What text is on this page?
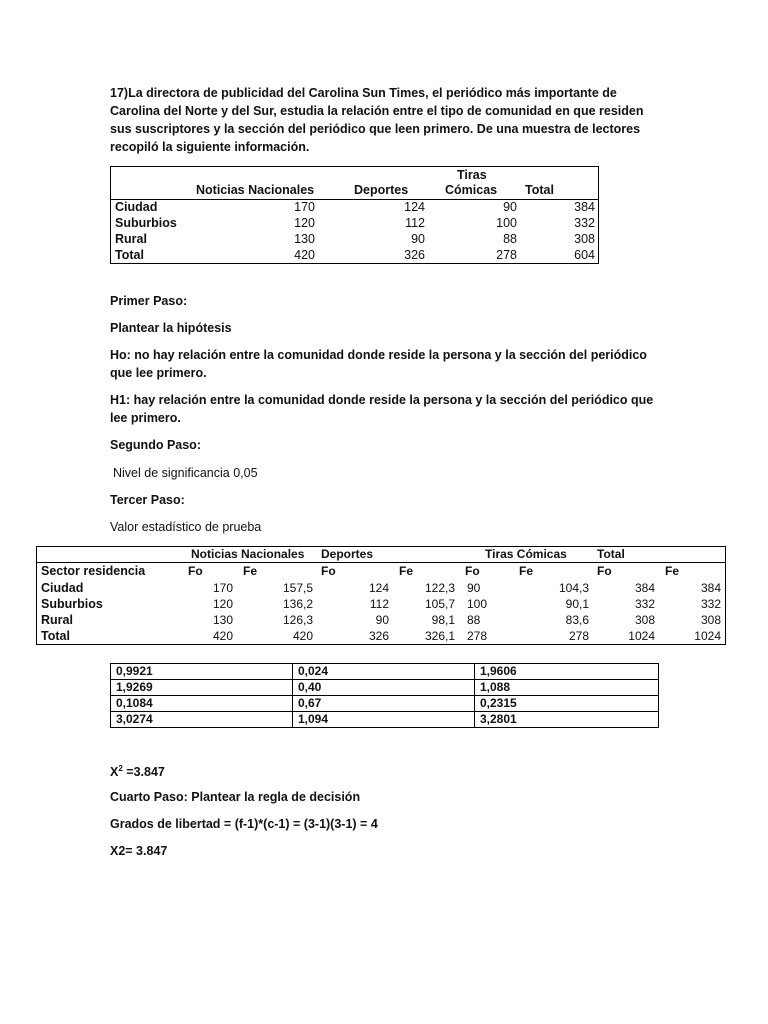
17)La directora de publicidad del Carolina Sun Times, el periódico más importante de Carolina del Norte y del Sur, estudia la relación entre el tipo de comunidad en que residen sus suscriptores y la sección del periódico que leen primero. De una muestra de lectores recopiló la siguiente información.

Tiras
Noticias Nacionales	Deportes	Cómicas Total
Ciudad	170	124	90	384
Suburbios	120	112	100	332
Rural	130	90	88	308
Total	420	326	278	604

Primer Paso:

Plantear la hipótesis

Ho: no hay relación entre la comunidad donde reside la persona y la sección del periódico que lee primero.

H1: hay relación entre la comunidad donde reside la persona y la sección del periódico que lee primero.

Segundo Paso:

Nivel de significancia 0,05

Tercer Paso:

Valor estadístico de prueba

Noticias Nacionales Deportes	Tiras Cómicas	Total
Sector residencia	Fo	Fe	Fo	Fe	Fo	Fe	Fo	Fe
Ciudad	170	157,5	124	122,3 90	104,3	384	384
Suburbios	120	136,2	112	105,7 100	90,1	332	332
Rural	130	126,3	90	98,1 88	83,6	308	308
Total	420	420	326	326,1 278	278	1024	1024
0,9921	0,024	1,9606
1,9269	0,40	1,088
0,1084	0,67	0,2315
3,0274	1,094	3,2801

$X^2 =3.847$

Cuarto Paso: Plantear la regla de decisión

Grados de libertad = (f-1)*(c-1) = (3-1)(3-1) = 4

X2= 3.847
